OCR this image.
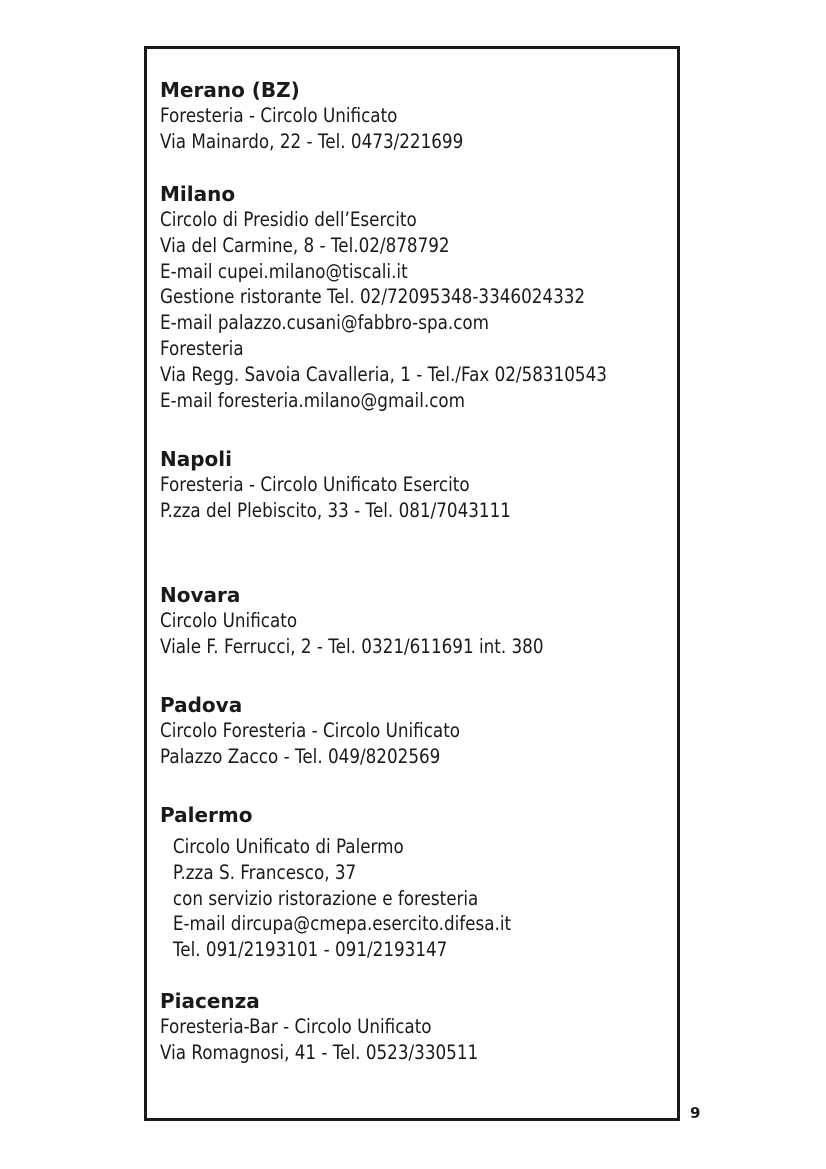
Merano (BZ)

Foresteria - Circolo Unificato

Via Mainardo, 22 - Tel. 0473/221699

Milano

Circolo di Presidio dell’Esercito

Via del Carmine, 8 - Tel.02/878792

E-mail cupei.milano@tiscali.it

Gestione ristorante Tel. 02/72095348-3346024332

E-mail palazzo.cusani@fabbro-spa.com

Foresteria

Via Regg. Savoia Cavalleria, 1 - Tel./Fax 02/58310543

E-mail foresteria.milano@gmail.com

Napoli

Foresteria - Circolo Unificato Esercito

P.zza del Plebiscito, 33 - Tel. 081/7043111

Novara

Circolo Unificato

Viale F. Ferrucci, 2 - Tel. 0321/611691 int. 380

Padova

Circolo Foresteria - Circolo Unificato

Palazzo Zacco - Tel. 049/8202569

Palermo

Circolo Unificato di Palermo

P.zza S. Francesco, 37

con servizio ristorazione e foresteria

E-mail dircupa@cmepa.esercito.difesa.it

Tel. 091/2193101 - 091/2193147

Piacenza

Foresteria-Bar - Circolo Unificato

Via Romagnosi, 41 - Tel. 0523/330511

9
